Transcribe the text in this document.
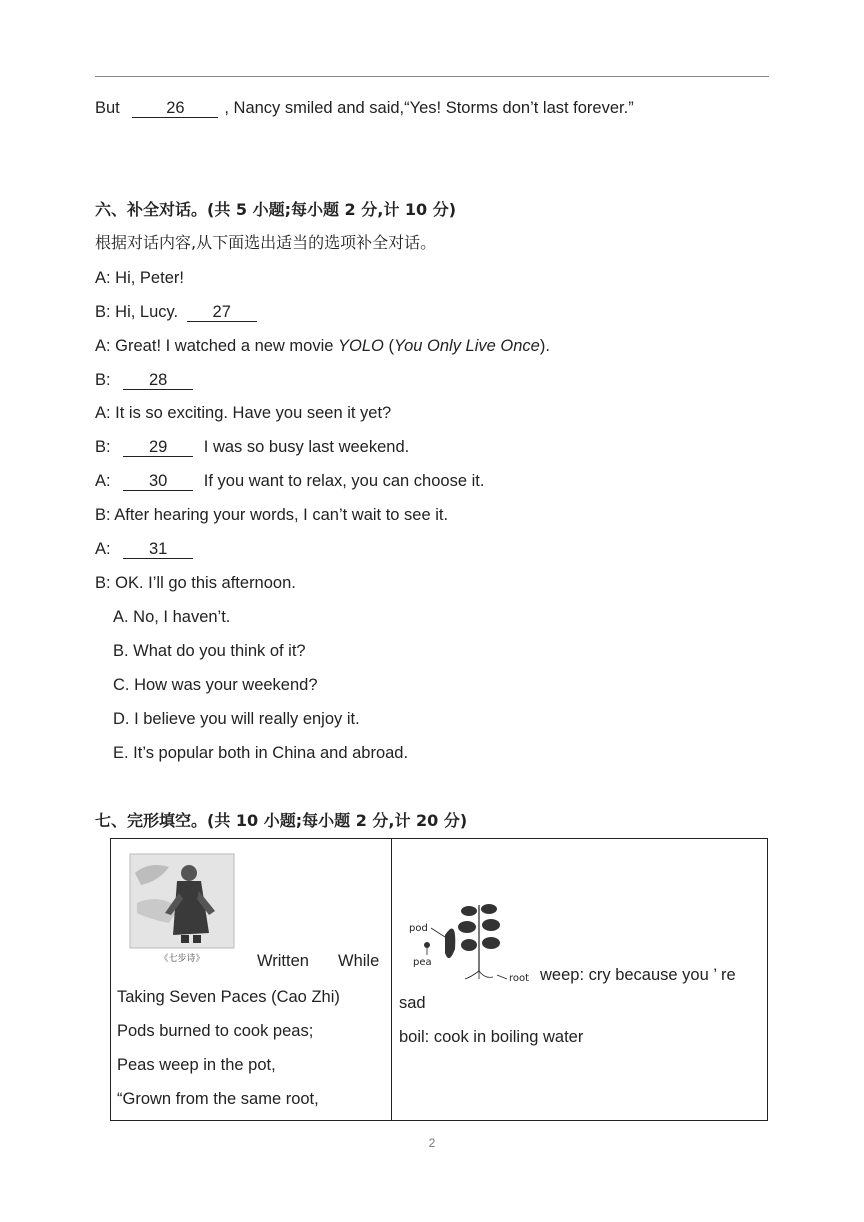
But	26 , Nancy smiled and said,“Yes! Storms don’t last forever.”
六、补全对话。(共 5 小题;每小题 2 分,计 10 分)
根据对话内容,从下面选出适当的选项补全对话。
A: Hi, Peter!
B: Hi, Lucy. 27
A: Great! I watched a new movie YOLO (You Only Live Once).
B: 28
A: It is so exciting. Have you seen it yet?
B: 29 I was so busy last weekend.
A: 30 If you want to relax, you can choose it.
B: After hearing your words, I can’t wait to see it.
A: 31
B: OK. I’ll go this afternoon.
A. No, I haven’t.
B. What do you think of it?
C. How was your weekend?
D. I believe you will really enjoy it.
E. It’s popular both in China and abroad.
七、完形填空。(共 10 小题;每小题 2 分,计 20 分)
《七步诗》	Written While
Taking Seven Paces (Cao Zhi)
Pods burned to cook peas;
Peas weep in the pot,
“Grown from the same root,
pod
pea
root weep: cry because you ’ re
sad
boil: cook in boiling water
2
